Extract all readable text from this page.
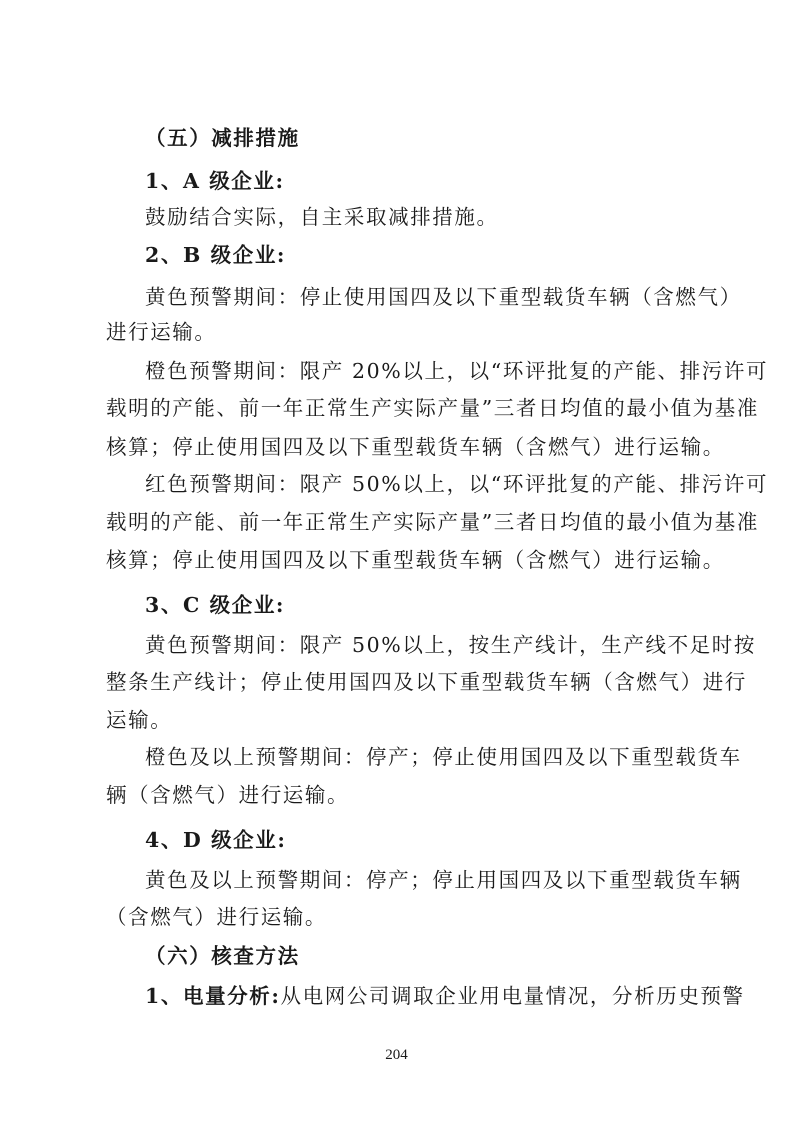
（五）减排措施
1、A 级企业:
鼓励结合实际，自主采取减排措施。
2、B 级企业:
黄色预警期间：停止使用国四及以下重型载货车辆（含燃气）
进行运输。
橙色预警期间：限产 20%以上，以“环评批复的产能、排污许可
载明的产能、前一年正常生产实际产量”三者日均值的最小值为基准
核算；停止使用国四及以下重型载货车辆（含燃气）进行运输。
红色预警期间：限产 50%以上，以“环评批复的产能、排污许可
载明的产能、前一年正常生产实际产量”三者日均值的最小值为基准
核算；停止使用国四及以下重型载货车辆（含燃气）进行运输。
3、C 级企业:
黄色预警期间：限产 50%以上，按生产线计，生产线不足时按
整条生产线计；停止使用国四及以下重型载货车辆（含燃气）进行
运输。
橙色及以上预警期间：停产；停止使用国四及以下重型载货车
辆（含燃气）进行运输。
4、D 级企业:
黄色及以上预警期间：停产；停止用国四及以下重型载货车辆
（含燃气）进行运输。
（六）核查方法
1、电量分析:从电网公司调取企业用电量情况，分析历史预警
204
